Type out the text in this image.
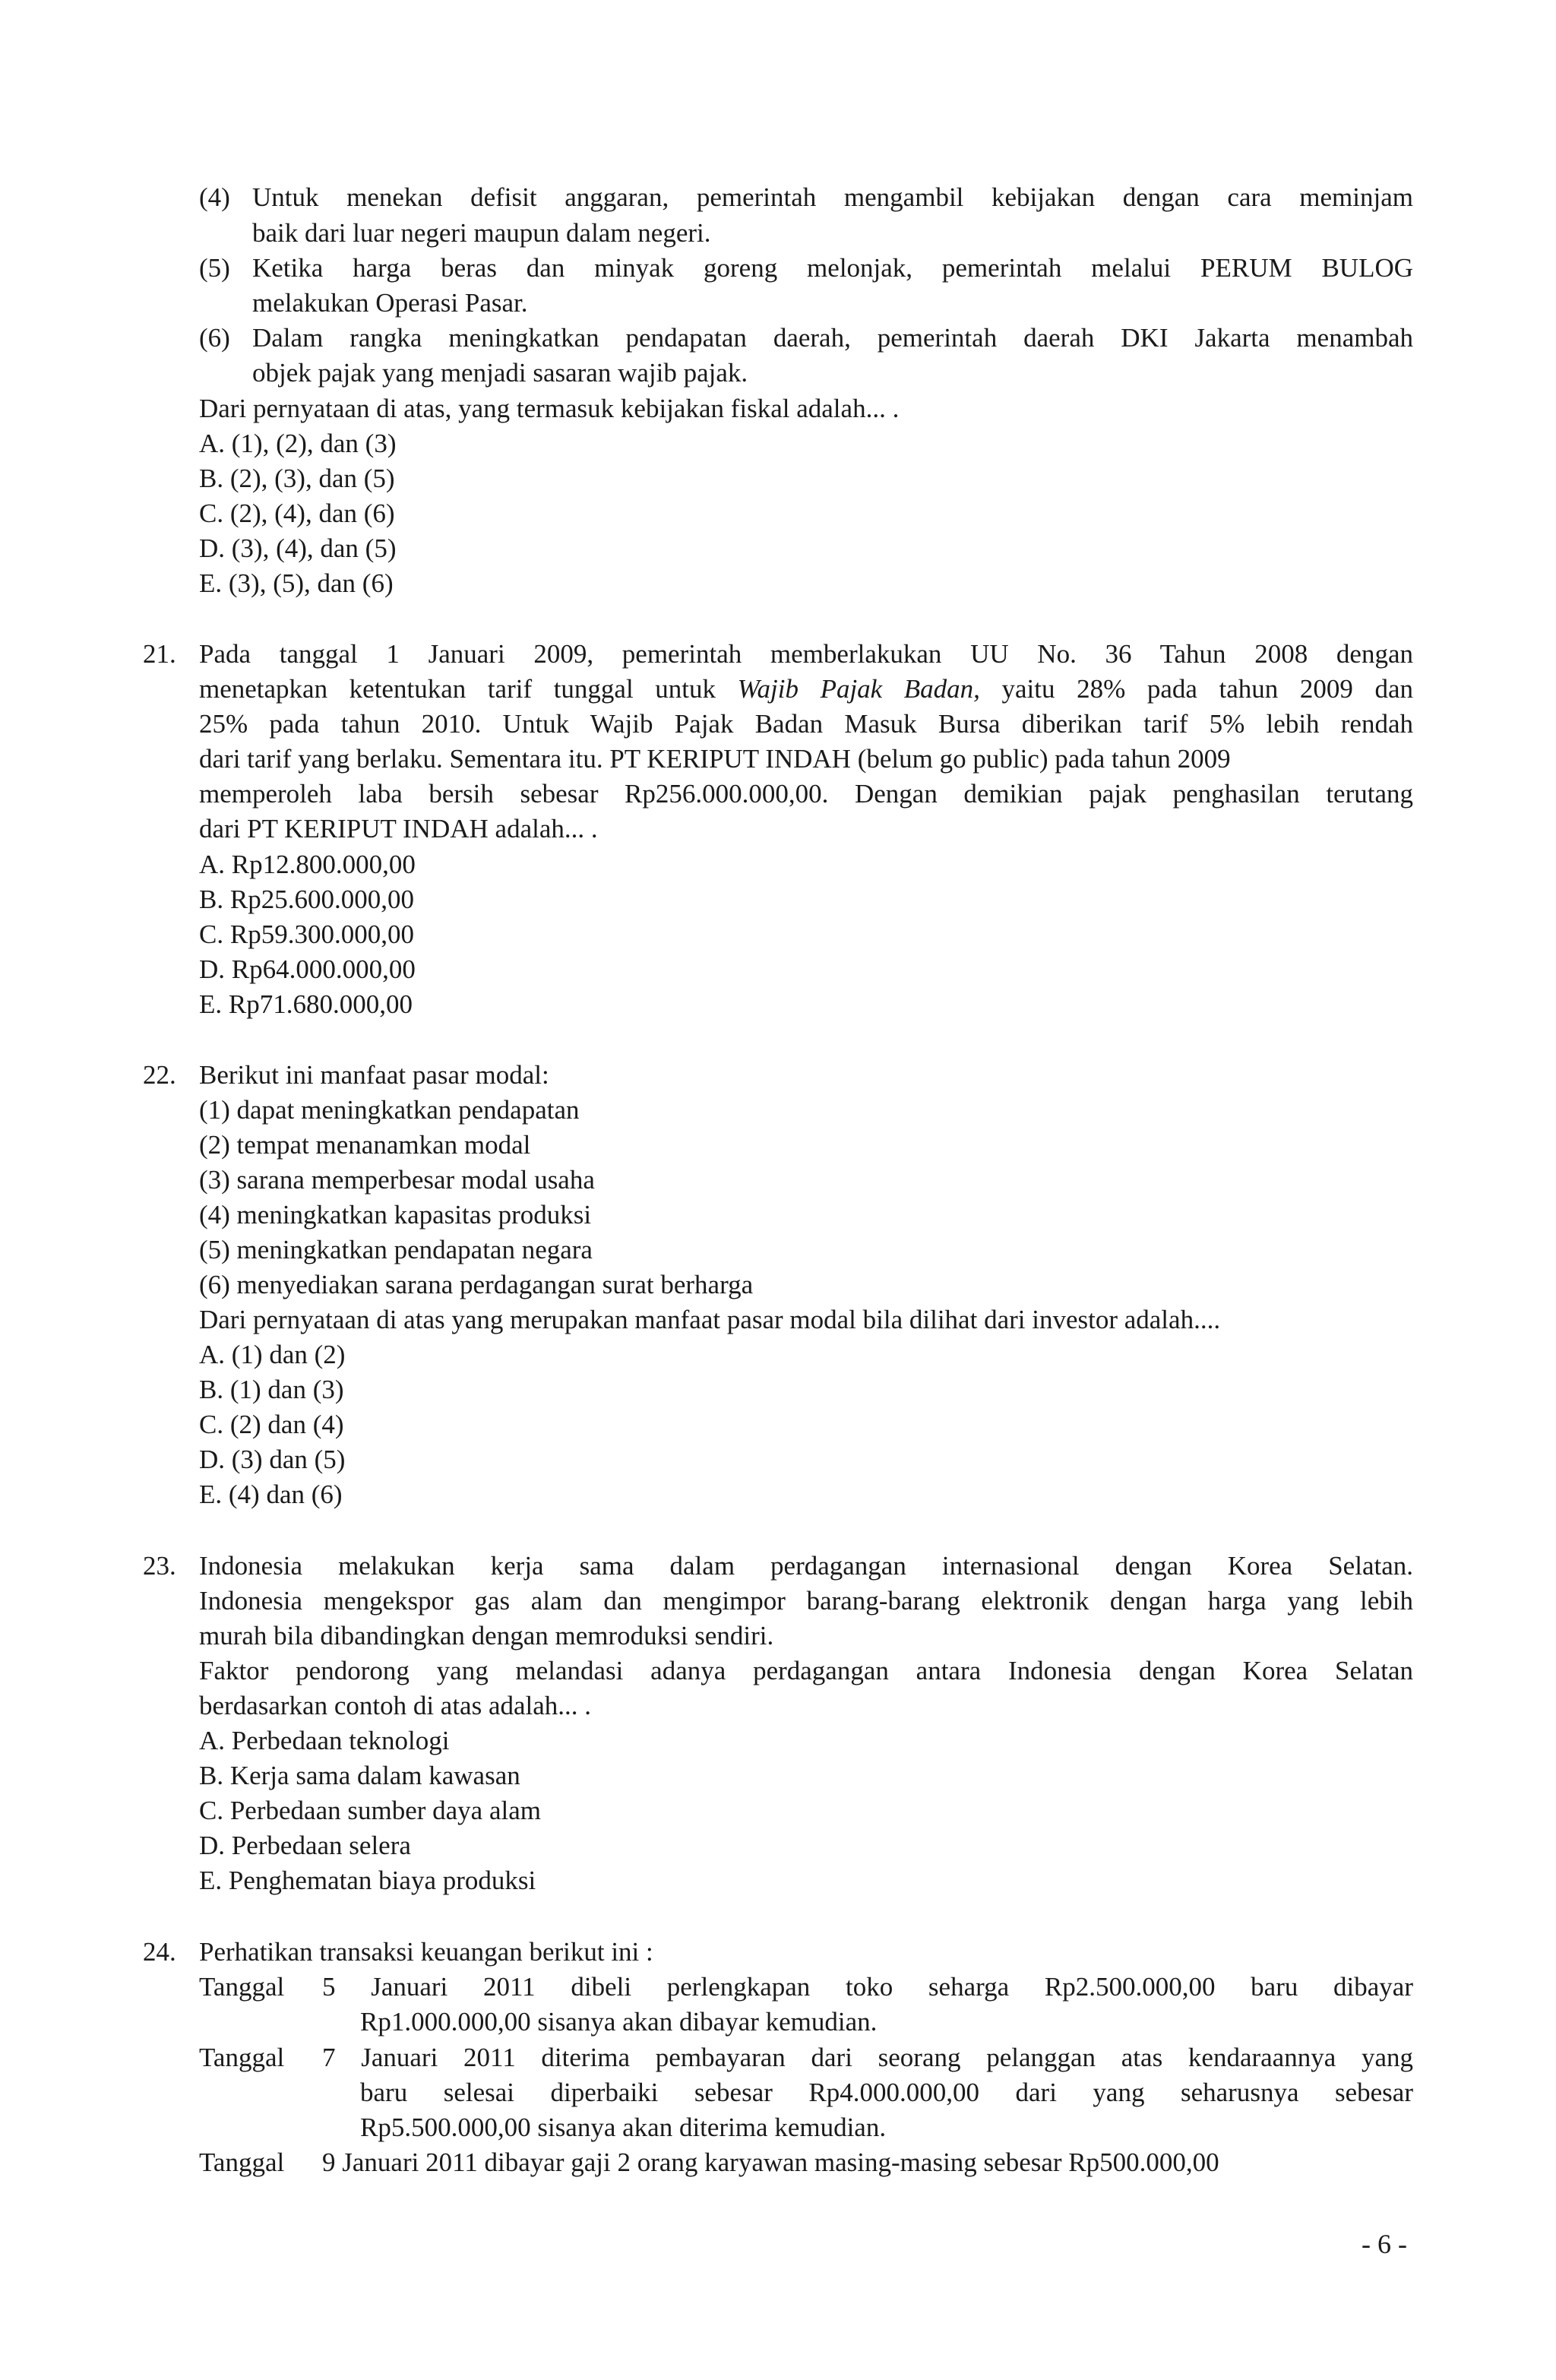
(4) Untuk menekan defisit anggaran, pemerintah mengambil kebijakan dengan cara meminjam
baik dari luar negeri maupun dalam negeri.
(5) Ketika harga beras dan minyak goreng melonjak, pemerintah melalui PERUM BULOG
melakukan Operasi Pasar.
(6) Dalam rangka meningkatkan pendapatan daerah, pemerintah daerah DKI Jakarta menambah
objek pajak yang menjadi sasaran wajib pajak.
Dari pernyataan di atas, yang termasuk kebijakan fiskal adalah... .
A. (1), (2), dan (3)
B. (2), (3), dan (5)
C. (2), (4), dan (6)
D. (3), (4), dan (5)
E. (3), (5), dan (6)
21. Pada tanggal 1 Januari 2009, pemerintah memberlakukan UU No. 36 Tahun 2008 dengan
menetapkan ketentukan tarif tunggal untuk Wajib Pajak Badan, yaitu 28% pada tahun 2009 dan
25% pada tahun 2010. Untuk Wajib Pajak Badan Masuk Bursa diberikan tarif 5% lebih rendah
dari tarif yang berlaku. Sementara itu. PT KERIPUT INDAH (belum go public) pada tahun 2009
memperoleh laba bersih sebesar Rp256.000.000,00. Dengan demikian pajak penghasilan terutang
dari PT KERIPUT INDAH adalah... .
A. Rp12.800.000,00
B. Rp25.600.000,00
C. Rp59.300.000,00
D. Rp64.000.000,00
E. Rp71.680.000,00
22. Berikut ini manfaat pasar modal:
(1) dapat meningkatkan pendapatan
(2) tempat menanamkan modal
(3) sarana memperbesar modal usaha
(4) meningkatkan kapasitas produksi
(5) meningkatkan pendapatan negara
(6) menyediakan sarana perdagangan surat berharga
Dari pernyataan di atas yang merupakan manfaat pasar modal bila dilihat dari investor adalah....
A. (1) dan (2)
B. (1) dan (3)
C. (2) dan (4)
D. (3) dan (5)
E. (4) dan (6)
23. Indonesia melakukan kerja sama dalam perdagangan internasional dengan Korea Selatan.
Indonesia mengekspor gas alam dan mengimpor barang-barang elektronik dengan harga yang lebih
murah bila dibandingkan dengan memroduksi sendiri.
Faktor pendorong yang melandasi adanya perdagangan antara Indonesia dengan Korea Selatan
berdasarkan contoh di atas adalah... .
A. Perbedaan teknologi
B. Kerja sama dalam kawasan
C. Perbedaan sumber daya alam
D. Perbedaan selera
E. Penghematan biaya produksi
24. Perhatikan transaksi keuangan berikut ini :
Tanggal 5 Januari 2011 dibeli perlengkapan toko seharga Rp2.500.000,00 baru dibayar
Rp1.000.000,00 sisanya akan dibayar kemudian.
Tanggal 7 Januari 2011 diterima pembayaran dari seorang pelanggan atas kendaraannya yang
baru selesai diperbaiki sebesar Rp4.000.000,00 dari yang seharusnya sebesar
Rp5.500.000,00 sisanya akan diterima kemudian.
Tanggal 9 Januari 2011 dibayar gaji 2 orang karyawan masing-masing sebesar Rp500.000,00
- 6 -
